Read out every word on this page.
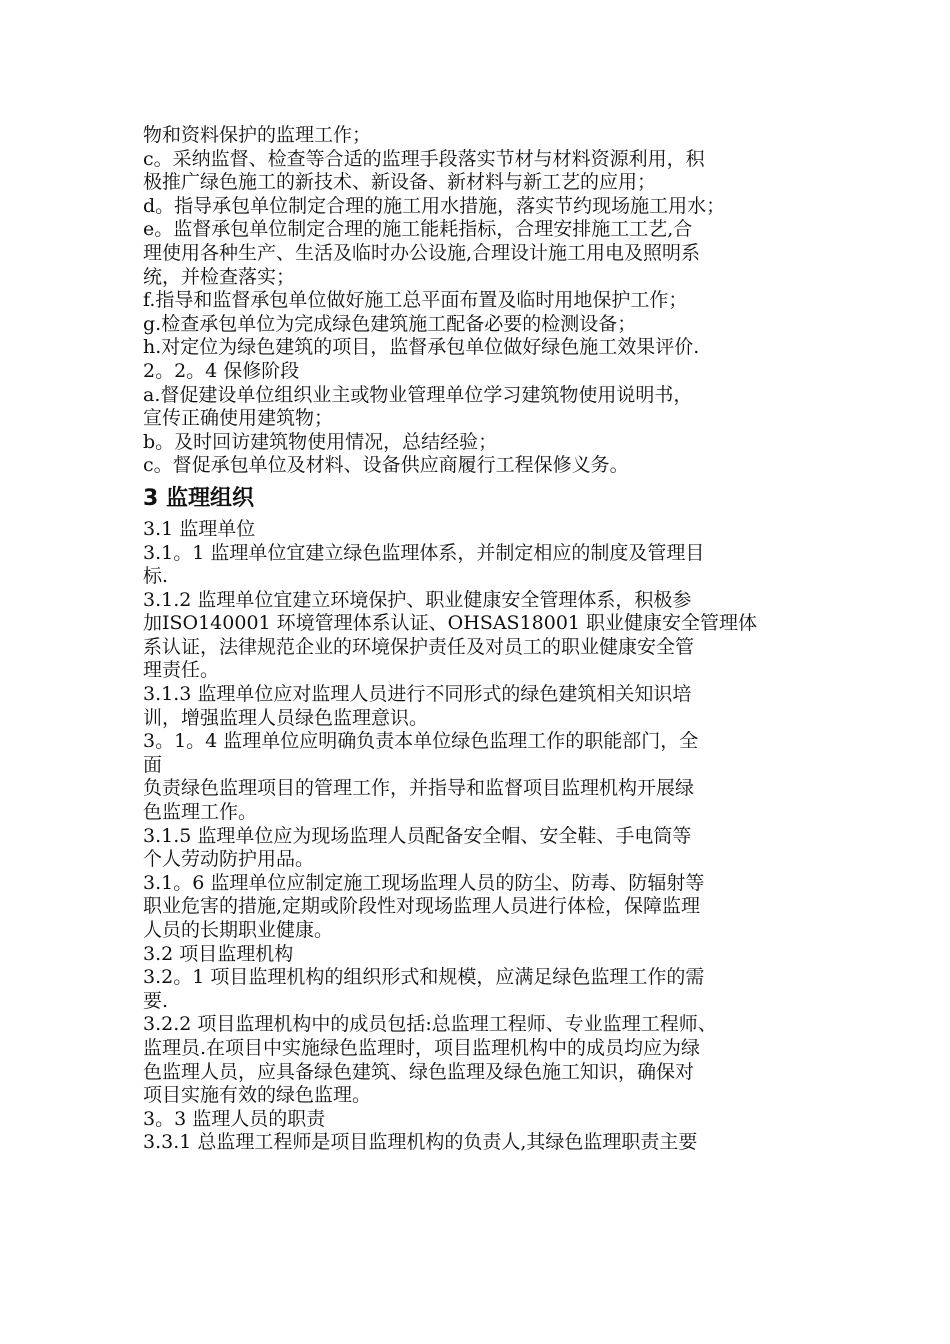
物和资料保护的监理工作；
c。采纳监督、检查等合适的监理手段落实节材与材料资源利用，积
极推广绿色施工的新技术、新设备、新材料与新工艺的应用；
d。指导承包单位制定合理的施工用水措施，落实节约现场施工用水；
e。监督承包单位制定合理的施工能耗指标，合理安排施工工艺,合
理使用各种生产、生活及临时办公设施,合理设计施工用电及照明系
统，并检查落实；
f.指导和监督承包单位做好施工总平面布置及临时用地保护工作；
g.检查承包单位为完成绿色建筑施工配备必要的检测设备；
h.对定位为绿色建筑的项目，监督承包单位做好绿色施工效果评价.
2。2。4 保修阶段
a.督促建设单位组织业主或物业管理单位学习建筑物使用说明书，
宣传正确使用建筑物；
b。及时回访建筑物使用情况，总结经验；
c。督促承包单位及材料、设备供应商履行工程保修义务。
3 监理组织
3.1 监理单位
3.1。1 监理单位宜建立绿色监理体系，并制定相应的制度及管理目
标.
3.1.2 监理单位宜建立环境保护、职业健康安全管理体系，积极参
加ISO140001 环境管理体系认证、OHSAS18001 职业健康安全管理体
系认证，法律规范企业的环境保护责任及对员工的职业健康安全管
理责任。
3.1.3 监理单位应对监理人员进行不同形式的绿色建筑相关知识培
训，增强监理人员绿色监理意识。
3。1。4 监理单位应明确负责本单位绿色监理工作的职能部门，全
面
负责绿色监理项目的管理工作，并指导和监督项目监理机构开展绿
色监理工作。
3.1.5 监理单位应为现场监理人员配备安全帽、安全鞋、手电筒等
个人劳动防护用品。
3.1。6 监理单位应制定施工现场监理人员的防尘、防毒、防辐射等
职业危害的措施,定期或阶段性对现场监理人员进行体检，保障监理
人员的长期职业健康。
3.2 项目监理机构
3.2。1 项目监理机构的组织形式和规模，应满足绿色监理工作的需
要.
3.2.2 项目监理机构中的成员包括:总监理工程师、专业监理工程师、
监理员.在项目中实施绿色监理时，项目监理机构中的成员均应为绿
色监理人员，应具备绿色建筑、绿色监理及绿色施工知识，确保对
项目实施有效的绿色监理。
3。3 监理人员的职责
3.3.1 总监理工程师是项目监理机构的负责人,其绿色监理职责主要
